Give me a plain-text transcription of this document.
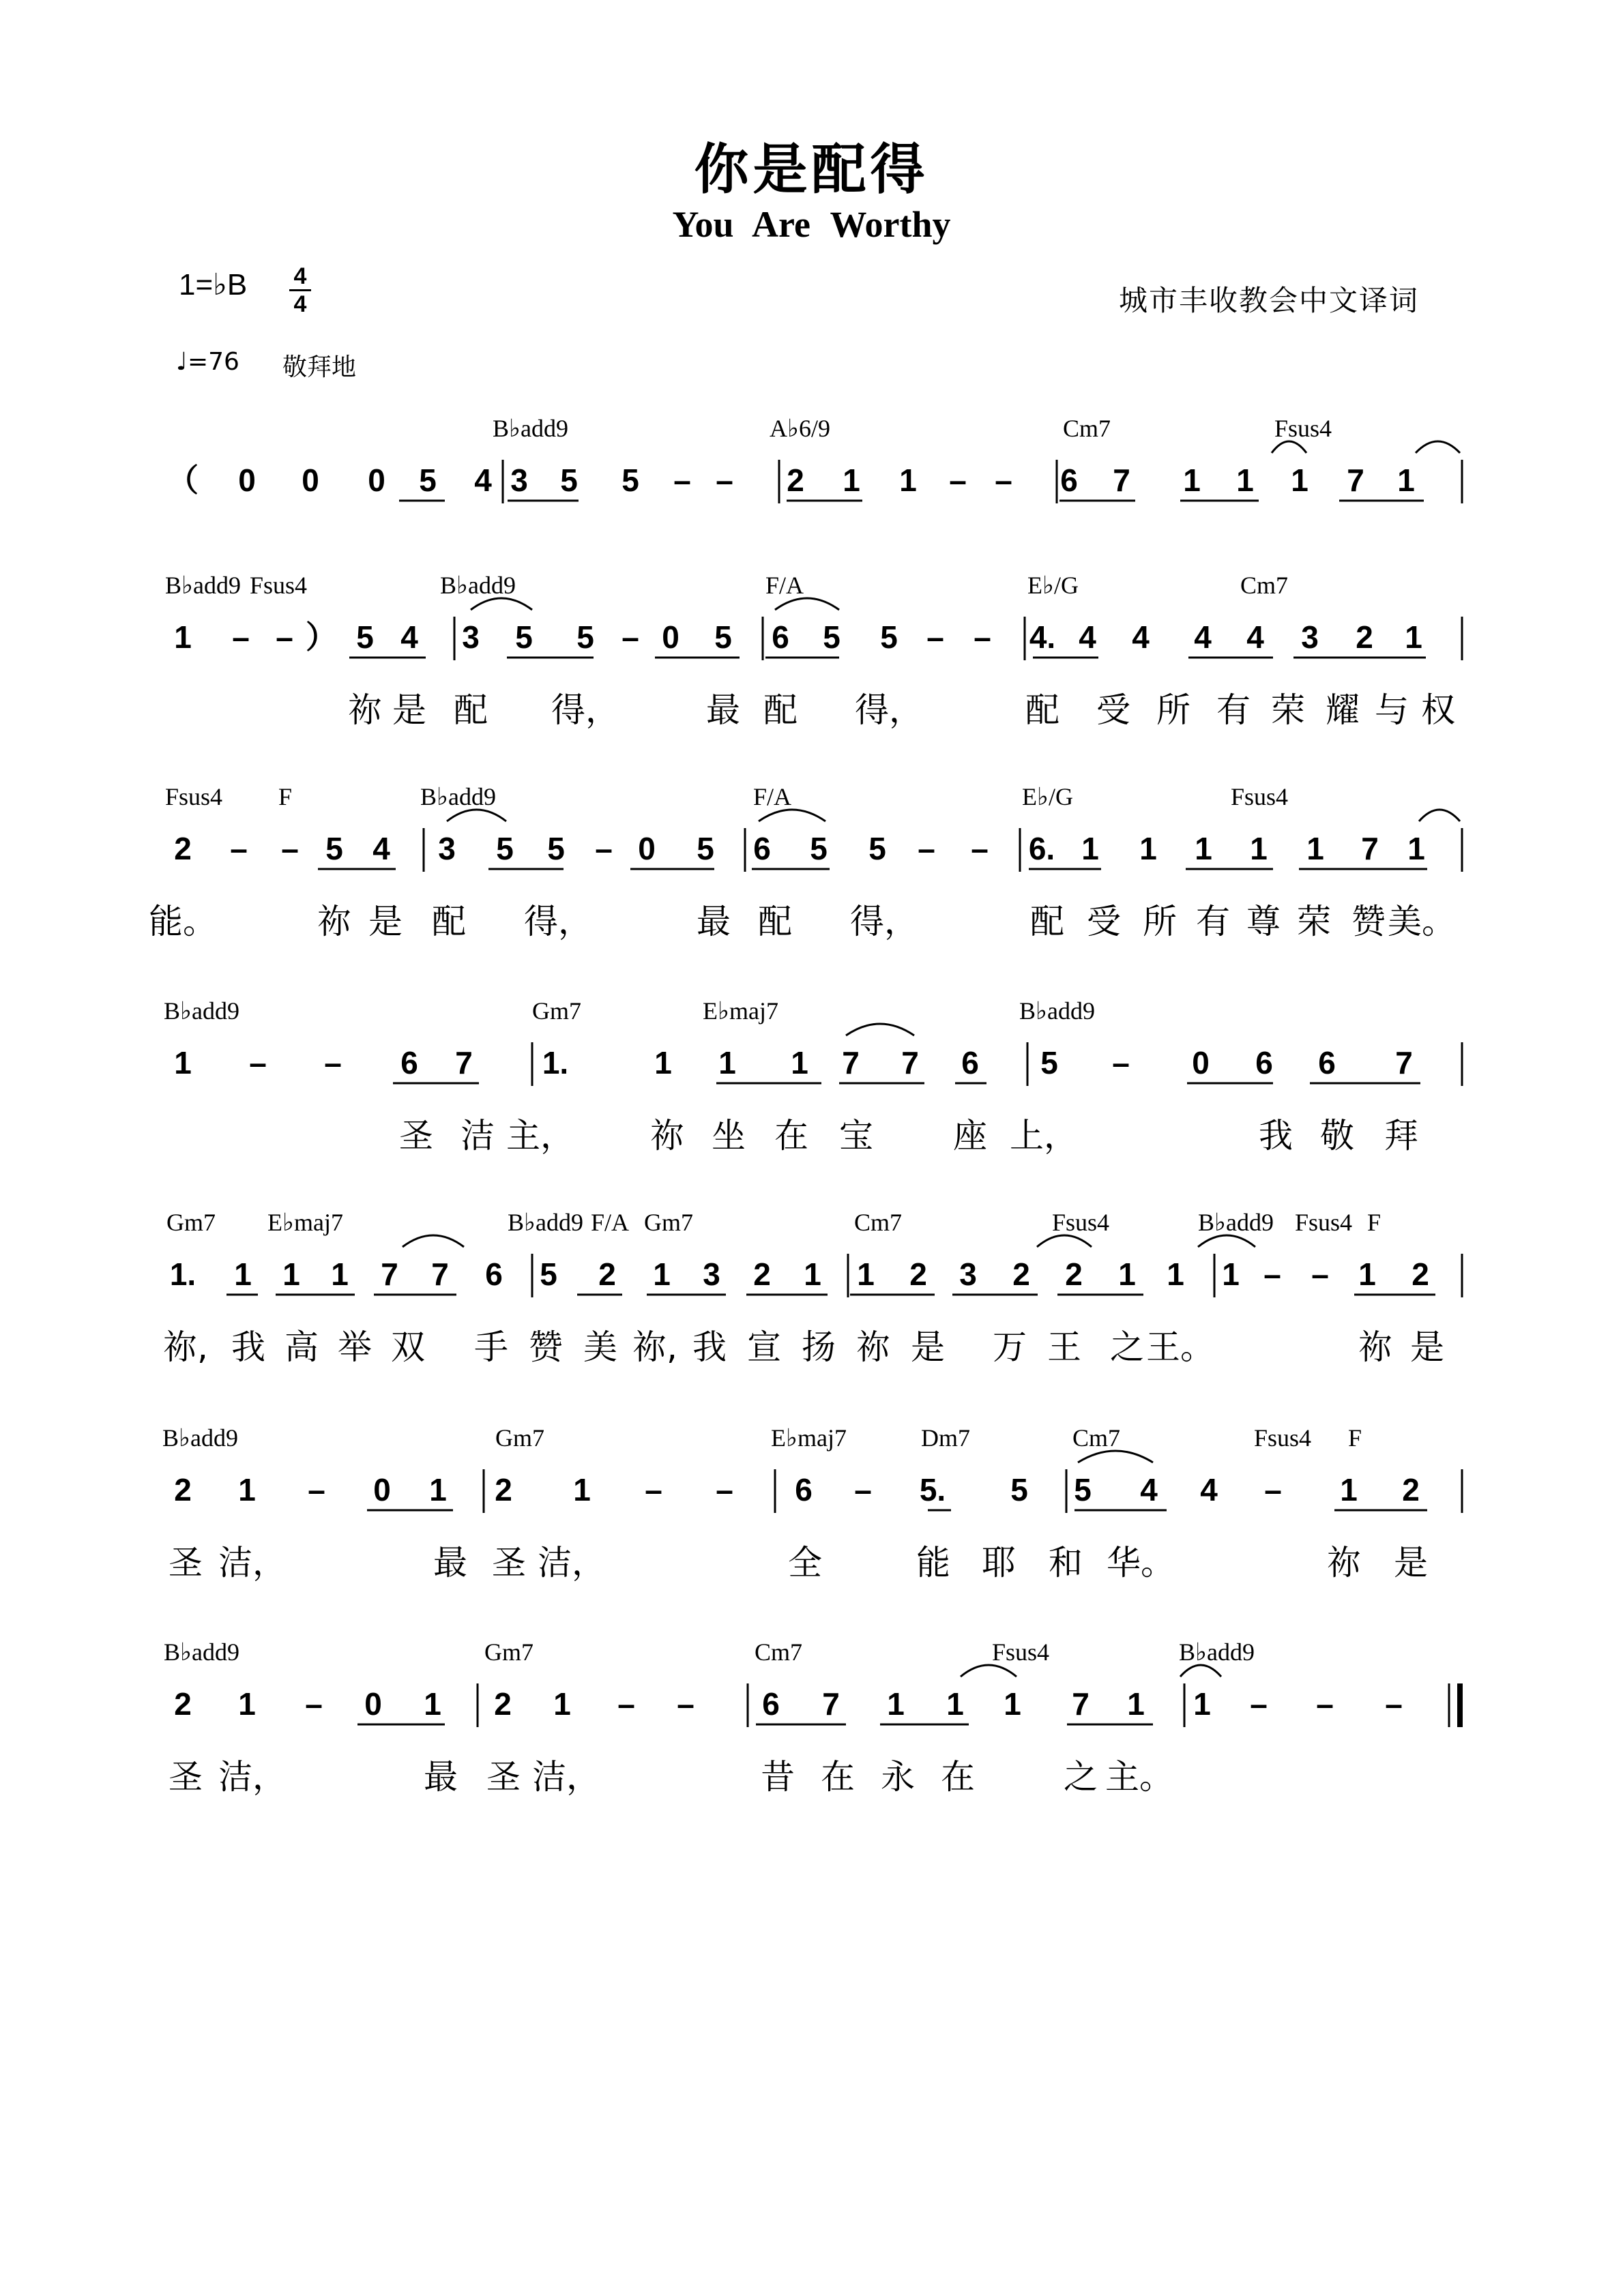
你是配得
You Are Worthy
1=♭B	4
4	城市丰收教会中文译词
♩=76 敬拜地
B♭add9	A♭6/9	Cm7	Fsus4
（ 0 0 0 5 4 3 5 5 – – 2 1 1 – – 6 7 1 1 1 7 1
B♭add9 Fsus4	B♭add9	F/A	E♭/G	Cm7
1 – – ） 5 4 3 5 5 – 0 5 6 5 5 – – 4. 4 4 4 4 3 2 1
祢 是 配 得，	最 配 得，	配 受 所 有 荣 耀 与 权
Fsus4 F	B♭add9	F/A	E♭/G	Fsus4
2 – – 5 4 3 5 5 – 0 5 6 5 5 – – 6. 1 1 1 1 1 7 1
能。	祢 是 配 得，	最 配 得，	配 受 所 有 尊 荣 赞 美。
B♭add9	Gm7	E♭maj7	B♭add9
1 – – 6 7 1.	1 1 1 7 7 6 5 – 0 6 6 7
圣 洁 主， 祢 坐 在 宝 座 上，	我 敬 拜
Gm7 E♭maj7	B♭add9 F/A Gm7	Cm7	Fsus4	B♭add9 Fsus4 F
1. 1 1 1 7 7 6 5 2 1 3 2 1 1 2 3 2 2 1 1 1 – – 1 2
祢, 我 高 举 双 手 赞 美 祢, 我 宣 扬 祢 是 万 王 之 王。	祢 是
B♭add9	Gm7	E♭maj7	Dm7	Cm7	Fsus4 F
2 1 – 0 1 2 1 – – 6 – 5. 5 5 4 4 – 1 2
圣 洁，	最 圣 洁，	全	能 耶 和 华。	祢 是
B♭add9	Gm7	Cm7	Fsus4	B♭add9
2 1 – 0 1 2 1 – – 6 7 1 1 1 7 1 1 – – –
圣 洁，	最 圣 洁，	昔 在 永 在	之 主。
